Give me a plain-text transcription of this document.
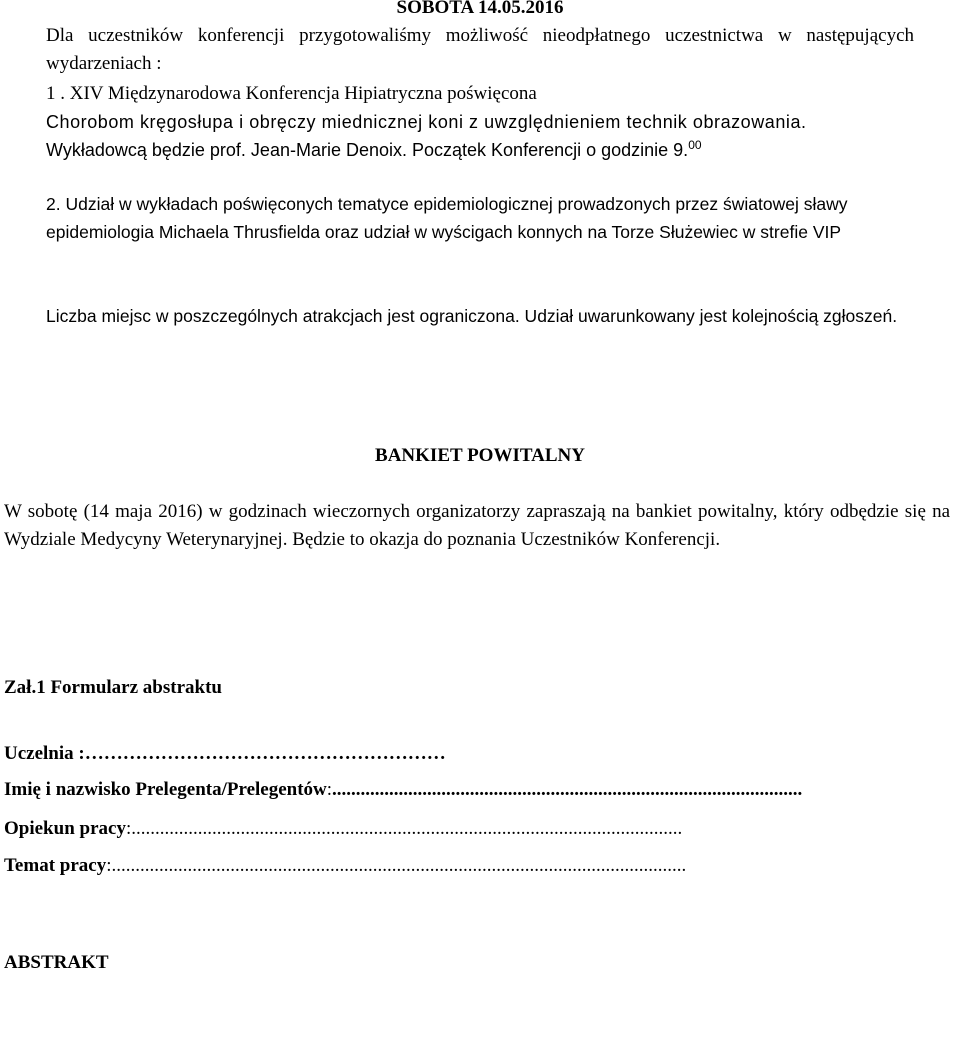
SOBOTA 14.05.2016
Dla uczestników konferencji przygotowaliśmy możliwość nieodpłatnego uczestnictwa w następujących wydarzeniach :
1 . XIV Międzynarodowa Konferencja Hipiatryczna poświęcona
Chorobom kręgosłupa i obręczy miednicznej koni z uwzględnieniem technik obrazowania.
Wykładowcą będzie prof. Jean-Marie Denoix. Początek Konferencji o godzinie 9.00
2. Udział w wykładach poświęconych tematyce epidemiologicznej prowadzonych przez światowej sławy epidemiologia Michaela Thrusfielda oraz udział w wyścigach konnych na Torze Służewiec w strefie VIP
Liczba miejsc w poszczególnych atrakcjach jest ograniczona. Udział uwarunkowany jest kolejnością zgłoszeń.
BANKIET POWITALNY
W sobotę (14 maja 2016) w godzinach wieczornych organizatorzy zapraszają na bankiet powitalny, który odbędzie się na Wydziale Medycyny Weterynaryjnej. Będzie to okazja do poznania Uczestników Konferencji.
Zał.1 Formularz abstraktu
Uczelnia :…………………………………………………
Imię i nazwisko Prelegenta/Prelegentów:...................................................................................................
Opiekun pracy:....................................................................................................................
Temat pracy:.........................................................................................................................
ABSTRAKT
